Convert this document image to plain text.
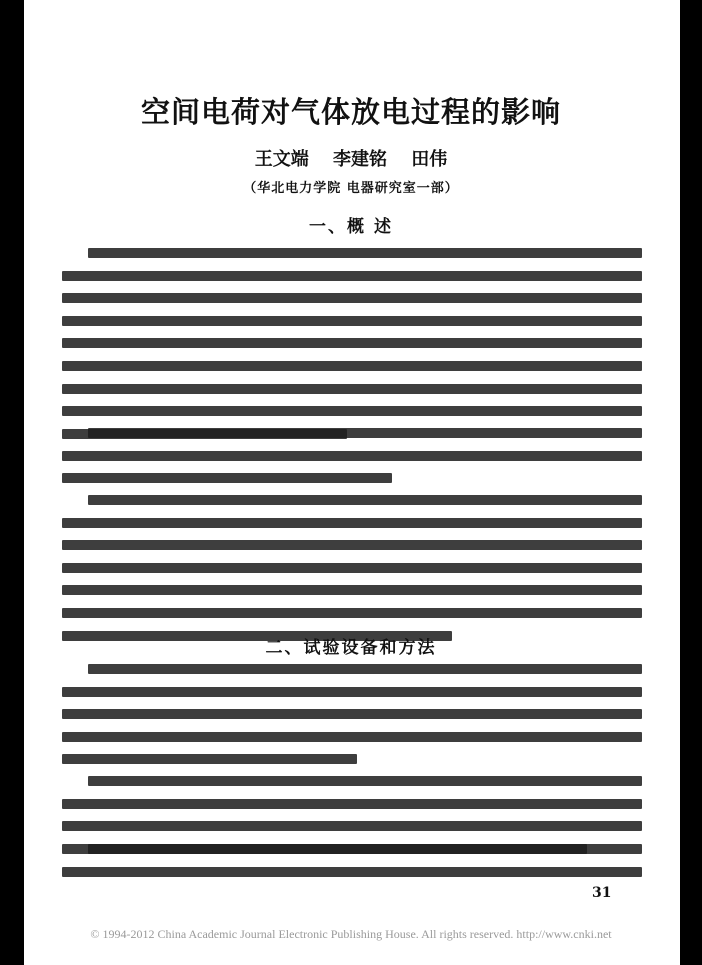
空间电荷对气体放电过程的影响
王文端 李建铭 田伟
（华北电力学院 电器研究室一部）
一、概 述
二、试验设备和方法
31
© 1994-2012 China Academic Journal Electronic Publishing House. All rights reserved. http://www.cnki.net
